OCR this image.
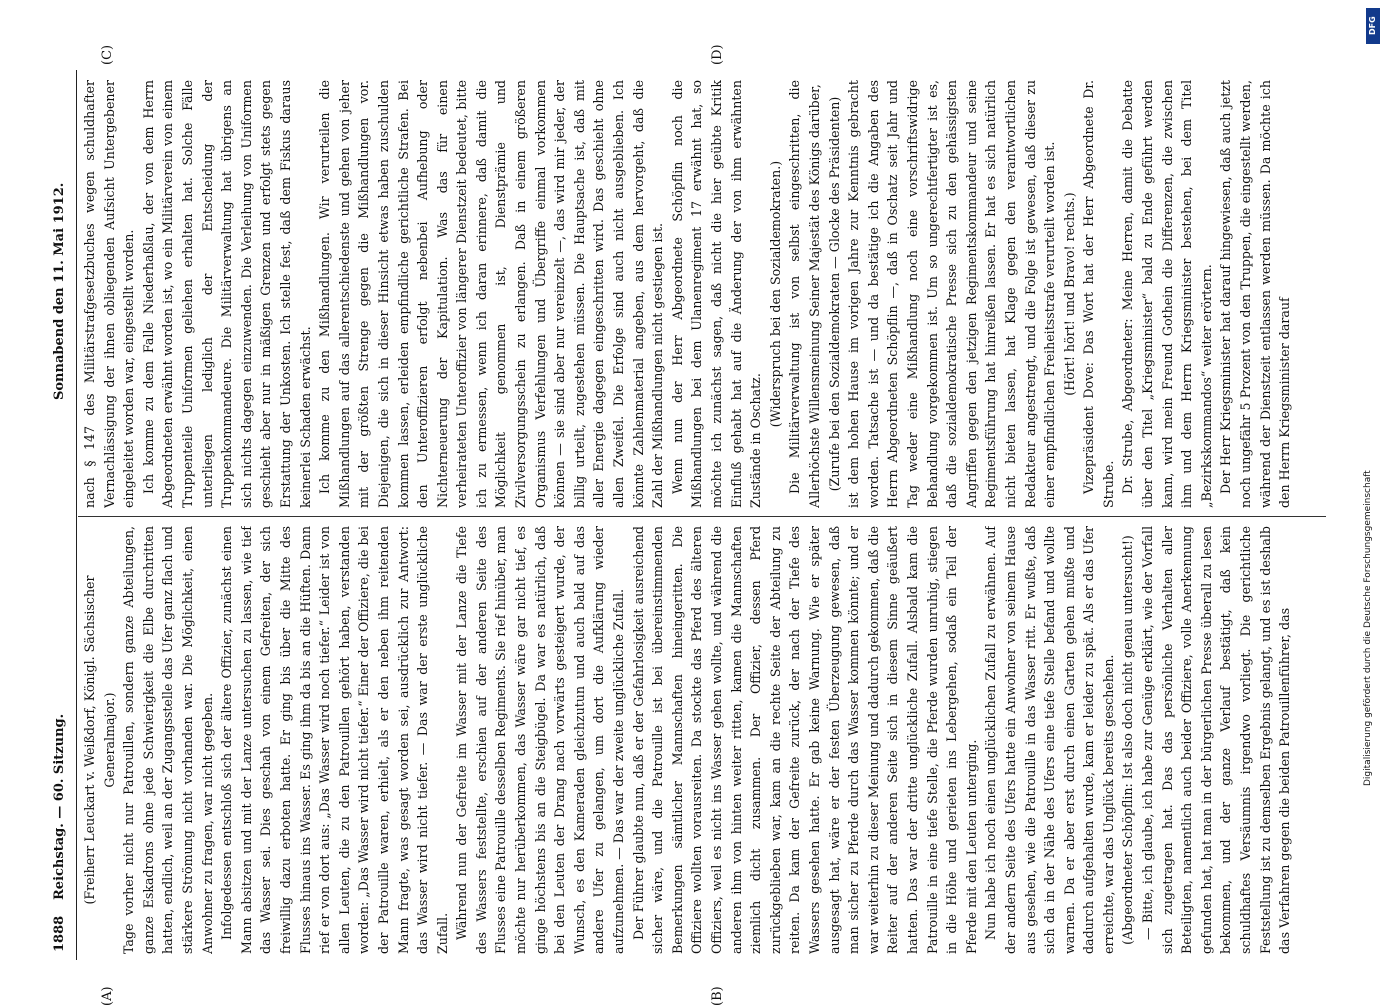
1888
Reichstag. — 60. Sitzung.
Sonnabend den 11. Mai 1912.
(A)	(B)
(C)	(D)

(Freiherr Leuckart v. Weißdorf, Königl. Sächsischer Generalmajor.) Tage vorher nicht nur Patrouillen, sondern ganze Abteilungen, ganze Eskadrons ohne jede Schwierigkeit die Elbe durchritten hatten, endlich, weil an der Zugangsstelle das Ufer ganz flach und stärkere Strömung nicht vorhanden war. Die Möglichkeit, einen Anwohner zu fragen, war nicht gegeben. Infolgedessen entschloß sich der ältere Offizier, zunächst einen Mann absitzen und mit der Lanze untersuchen zu lassen, wie tief das Wasser sei. Dies geschah von einem Gefreiten, der sich freiwillig dazu erboten hatte. Er ging bis über die Mitte des Flusses hinaus ins Wasser. Es ging ihm da bis an die Hüften. Dann rief er von dort aus: „Das Wasser wird noch tiefer.“ Leider ist von allen Leuten, die zu den Patrouillen gehört haben, verstanden worden: „Das Wasser wird nicht tiefer.“ Einer der Offiziere, die bei der Patrouille waren, erhielt, als er den neben ihm reitenden Mann fragte, was gesagt worden sei, ausdrücklich zur Antwort: das Wasser wird nicht tiefer. — Das war der erste unglückliche Zufall. Während nun der Gefreite im Wasser mit der Lanze die Tiefe des Wassers feststellte, erschien auf der anderen Seite des Flusses eine Patrouille desselben Regiments. Sie rief hinüber, man möchte nur herüberkommen, das Wasser wäre gar nicht tief, es ginge höchstens bis an die Steigbügel. Da war es natürlich, daß bei den Leuten der Drang nach vorwärts gesteigert wurde, der Wunsch, es den Kameraden gleichzutun und auch bald auf das andere Ufer zu gelangen, um dort die Aufklärung wieder aufzunehmen. — Das war der zweite unglückliche Zufall. Der Führer glaubte nun, daß er der Gefahrlosigkeit ausreichend sicher wäre, und die Patrouille ist bei übereinstimmenden Bemerkungen sämtlicher Mannschaften hineingeritten. Die Offiziere wollten vorausreiten. Da stockte das Pferd des älteren Offiziers, weil es nicht ins Wasser gehen wollte, und während die anderen ihm von hinten weiter ritten, kamen die Mannschaften ziemlich dicht zusammen. Der Offizier, dessen Pferd zurückgeblieben war, kam an die rechte Seite der Abteilung zu reiten. Da kam der Gefreite zurück, der nach der Tiefe des Wassers gesehen hatte. Er gab keine Warnung. Wie er später ausgesagt hat, wäre er der festen Überzeugung gewesen, daß man sicher zu Pferde durch das Wasser kommen könnte; und er war weiterhin zu dieser Meinung und dadurch gekommen, daß die Reiter auf der anderen Seite sich in diesem Sinne geäußert hatten. Das war der dritte unglückliche Zufall. Alsbald kam die Patrouille in eine tiefe Stelle, die Pferde wurden unruhig, stiegen in die Höhe und gerieten ins Lebergehen, sodaß ein Teil der Pferde mit den Leuten unterging. Nun habe ich noch einen unglücklichen Zufall zu erwähnen. Auf der andern Seite des Ufers hatte ein Anwohner von seinem Hause aus gesehen, wie die Patrouille in das Wasser ritt. Er wußte, daß sich da in der Nähe des Ufers eine tiefe Stelle befand und wollte warnen. Da er aber erst durch einen Garten gehen mußte und dadurch aufgehalten wurde, kam er leider zu spät. Als er das Ufer erreichte, war das Unglück bereits geschehen. (Abgeordneter Schöpflin: Ist also doch nicht genau untersucht!) — Bitte, ich glaube, ich habe zur Genüge erklärt, wie der Vorfall sich zugetragen hat. Das das persönliche Verhalten aller Beteiligten, namentlich auch beider Offiziere, volle Anerkennung gefunden hat, hat man in der bürgerlichen Presse überall zu lesen bekommen, und der ganze Verlauf bestätigt, daß kein schuldhaftes Versäumnis irgendwo vorliegt. Die gerichtliche Feststellung ist zu demselben Ergebnis gelangt, und es ist deshalb das Verfahren gegen die beiden Patrouillenführer, das

nach § 147 des Militärstrafgesetzbuches wegen schuldhafter Vernachlässigung der ihnen obliegenden Aufsicht Untergebener eingeleitet worden war, eingestellt worden. Ich komme zu dem Falle Niederhaßlau, der von dem Herrn Abgeordneten erwähnt worden ist, wo ein Militärverein von einem Truppenteile Uniformen geliehen erhalten hat. Solche Fälle unterliegen lediglich der Entscheidung der Truppenkommandeure. Die Militärverwaltung hat übrigens an sich nichts dagegen einzuwenden. Die Verleihung von Uniformen geschieht aber nur in mäßigen Grenzen und erfolgt stets gegen Erstattung der Unkosten. Ich stelle fest, daß dem Fiskus daraus keinerlei Schaden erwächst. Ich komme zu den Mißhandlungen. Wir verurteilen die Mißhandlungen auf das allerentschiedenste und gehen von jeher mit der größten Strenge gegen die Mißhandlungen vor. Diejenigen, die sich in dieser Hinsicht etwas haben zuschulden kommen lassen, erleiden empfindliche gerichtliche Strafen. Bei den Unteroffizieren erfolgt nebenbei Aufhebung oder Nichterneuerung der Kapitulation. Was das für einen verheirateten Unteroffizier von längerer Dienstzeit bedeutet, bitte ich zu ermessen, wenn ich daran erinnere, daß damit die Möglichkeit genommen ist, Dienstprämie und Zivilversorgungsschein zu erlangen. Daß in einem größeren Organismus Verfehlungen und Übergriffe einmal vorkommen können — sie sind aber nur vereinzelt —, das wird mir jeder, der billig urteilt, zugestehen müssen. Die Hauptsache ist, daß mit aller Energie dagegen eingeschritten wird. Das geschieht ohne allen Zweifel. Die Erfolge sind auch nicht ausgeblieben. Ich könnte Zahlenmaterial angeben, aus dem hervorgeht, daß die Zahl der Mißhandlungen nicht gestiegen ist. Wenn nun der Herr Abgeordnete Schöpflin noch die Mißhandlungen bei dem Ulanenregiment 17 erwähnt hat, so möchte ich zunächst sagen, daß nicht die hier geübte Kritik Einfluß gehabt hat auf die Änderung der von ihm erwähnten Zustände in Oschatz.

(Widerspruch bei den Sozialdemokraten.) Die Militärverwaltung ist von selbst eingeschritten, die Allerhöchste Willensmeinung Seiner Majestät des Königs darüber, (Zurufe bei den Sozialdemokraten — Glocke des Präsidenten) ist dem hohen Hause im vorigen Jahre zur Kenntnis gebracht worden. Tatsache ist — und da bestätige ich die Angaben des Herrn Abgeordneten Schöpflin —, daß in Oschatz seit Jahr und Tag weder eine Mißhandlung noch eine vorschriftswidrige Behandlung vorgekommen ist. Um so ungerechtfertigter ist es, daß die sozialdemokratische Presse sich zu den gehässigsten Angriffen gegen den jetzigen Regimentskommandeur und seine Regimentsführung hat hinreißen lassen. Er hat es sich natürlich nicht bieten lassen, hat Klage gegen den verantwortlichen Redakteur angestrengt, und die Folge ist gewesen, daß dieser zu einer empfindlichen Freiheitsstrafe verurteilt worden ist. (Hört! hört! und Bravo! rechts.) Vizepräsident Dove: Das Wort hat der Herr Abgeordnete Dr. Strube. Dr. Strube, Abgeordneter: Meine Herren, damit die Debatte über den Titel „Kriegsminister“ bald zu Ende geführt werden kann, wird mein Freund Gothein die Differenzen, die zwischen ihm und dem Herrn Kriegsminister bestehen, bei dem Titel „Bezirkskommandos“ weiter erörtern. Der Herr Kriegsminister hat darauf hingewiesen, daß auch jetzt noch ungefähr 5 Prozent von den Truppen, die eingestellt werden, während der Dienstzeit entlassen werden müssen. Da möchte ich den Herrn Kriegsminister darauf

Digitalisierung gefördert durch die Deutsche Forschungsgemeinschaft
DFG
